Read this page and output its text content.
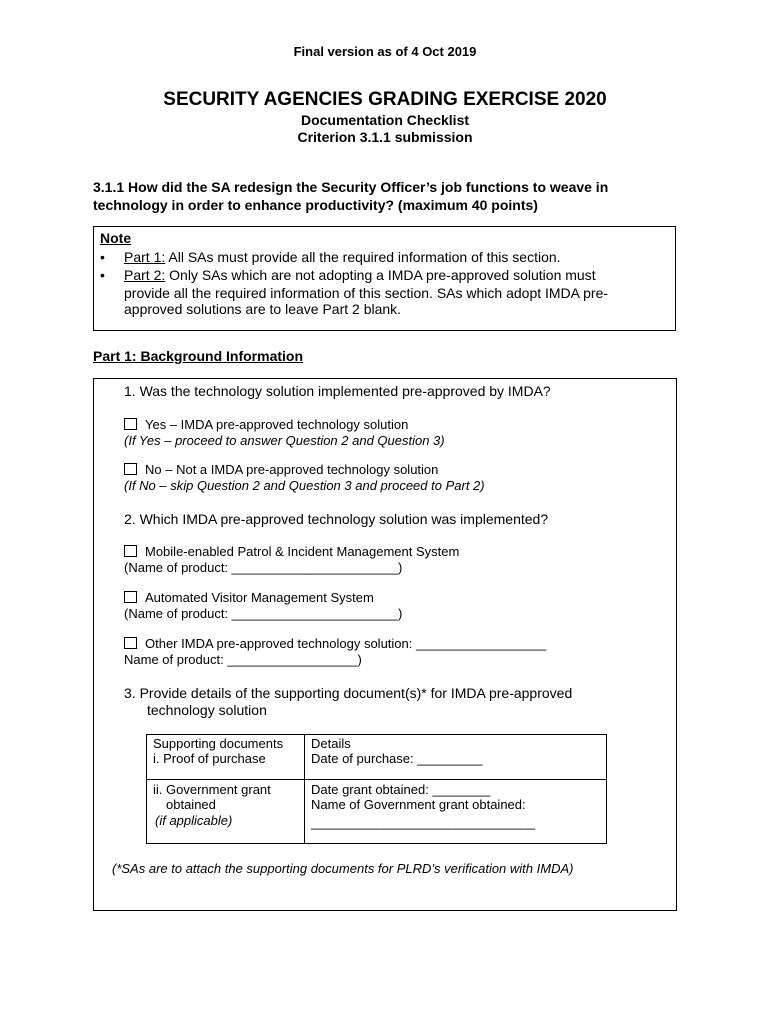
Final version as of 4 Oct 2019
SECURITY AGENCIES GRADING EXERCISE 2020
Documentation Checklist
Criterion 3.1.1 submission
3.1.1 How did the SA redesign the Security Officer’s job functions to weave in
technology in order to enhance productivity? (maximum 40 points)
Note
• Part 1: All SAs must provide all the required information of this section.
• Part 2: Only SAs which are not adopting a IMDA pre-approved solution must
provide all the required information of this section. SAs which adopt IMDA pre-
approved solutions are to leave Part 2 blank.
Part 1: Background Information
1. Was the technology solution implemented pre-approved by IMDA?
Yes – IMDA pre-approved technology solution
(If Yes – proceed to answer Question 2 and Question 3)
No – Not a IMDA pre-approved technology solution
(If No – skip Question 2 and Question 3 and proceed to Part 2)
2. Which IMDA pre-approved technology solution was implemented?
Mobile-enabled Patrol & Incident Management System
(Name of product: _______________________)
Automated Visitor Management System
(Name of product: _______________________)
Other IMDA pre-approved technology solution: __________________
Name of product: __________________)
3. Provide details of the supporting document(s)* for IMDA pre-approved
technology solution
Supporting documents Details
i. Proof of purchase	Date of purchase: _________
ii. Government grant
obtained
(if applicable)
Date grant obtained: ________
Name of Government grant obtained:
_______________________________
(*SAs are to attach the supporting documents for PLRD’s verification with IMDA)
